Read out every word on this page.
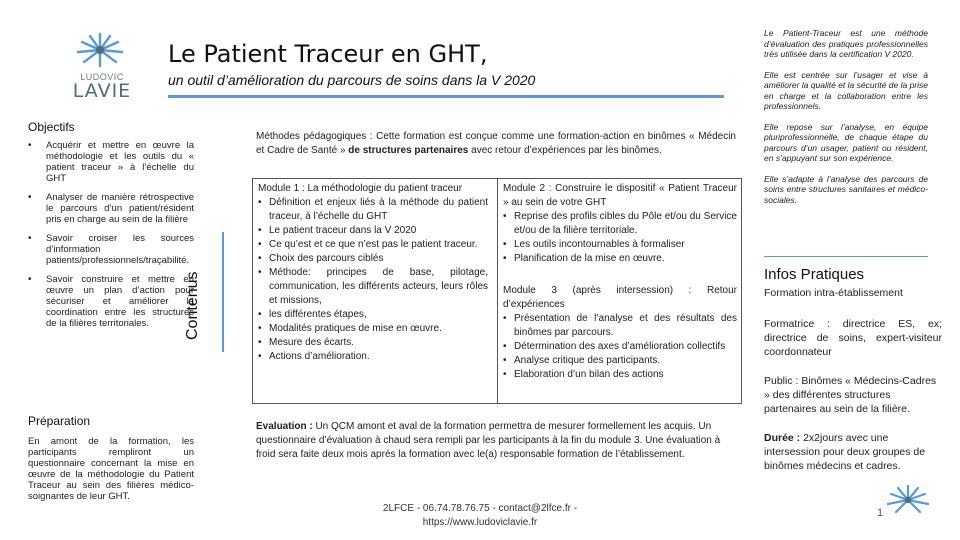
LUDOVIC
LAVIE
Le Patient Traceur en GHT,
un outil d’amélioration du parcours de soins dans la V 2020
Objectifs
• Acquérir et mettre en œuvre la méthodologie et les outils du « patient traceur » à l’échelle du GHT
• Analyser de manière rétrospective le parcours d’un patient/résident pris en charge au sein de la filière
• Savoir croiser les sources d’information patients/professionnels/traçabilité.
• Savoir construire et mettre en œuvre un plan d’action pour sécuriser et améliorer la coordination entre les structures de la filières territoriales.	Contenus
Préparation
En amont de la formation, les participants rempliront un questionnaire concernant la mise en œuvre de la méthodologie du Patient Traceur au sein des filières médico-soignantes de leur GHT.
Méthodes pédagogiques : Cette formation est conçue comme une formation-action en binômes « Médecin et Cadre de Santé » de structures partenaires avec retour d’expériences par les binômes.
Module 1 : La méthodologie du patient traceur
• Définition et enjeux liés à la méthode du patient traceur, à l’échelle du GHT
• Le patient traceur dans la V 2020
• Ce qu’est et ce que n’est pas le patient traceur.
• Choix des parcours ciblés
• Méthode: principes de base, pilotage, communication, les différents acteurs, leurs rôles et missions,
• les différentes étapes,
• Modalités pratiques de mise en œuvre.
• Mesure des écarts.
• Actions d’amélioration.
Module 2 : Construire le dispositif « Patient Traceur » au sein de votre GHT
• Reprise des profils cibles du Pôle et/ou du Service et/ou de la filière territoriale.
• Les outils incontournables à formaliser
• Planification de la mise en œuvre.
Module 3 (après intersession) : Retour d’expériences
• Présentation de l’analyse et des résultats des binômes par parcours.
• Détermination des axes d’amélioration collectifs
• Analyse critique des participants.
• Elaboration d’un bilan des actions
Evaluation : Un QCM amont et aval de la formation permettra de mesurer formellement les acquis. Un questionnaire d’évaluation à chaud sera rempli par les participants à la fin du module 3. Une évaluation à froid sera faite deux mois après la formation avec le(a) responsable formation de l’établissement.
2LFCE - 06.74.78.76.75 - contact@2lfce.fr -
https://www.ludoviclavie.fr

Le Patient-Traceur est une méthode d’évaluation des pratiques professionnelles très utilisée dans la certification V 2020.

Elle est centrée sur l’usager et vise à améliorer la qualité et la sécurité de la prise en charge et la collaboration entre les professionnels.

Elle repose sur l’analyse, en équipe pluriprofessionnelle, de chaque étape du parcours d’un usager, patient ou résident, en s’appuyant sur son expérience.

Elle s’adapte à l’analyse des parcours de soins entre structures sanitaires et médico-sociales.

Infos Pratiques
Formation intra-établissement
Formatrice : directrice ES, ex; directrice de soins, expert-visiteur coordonnateur
Public : Binômes « Médecins-Cadres » des différentes structures partenaires au sein de la filière.
Durée : 2x2jours avec une intersession pour deux groupes de binômes médecins et cadres.
1
